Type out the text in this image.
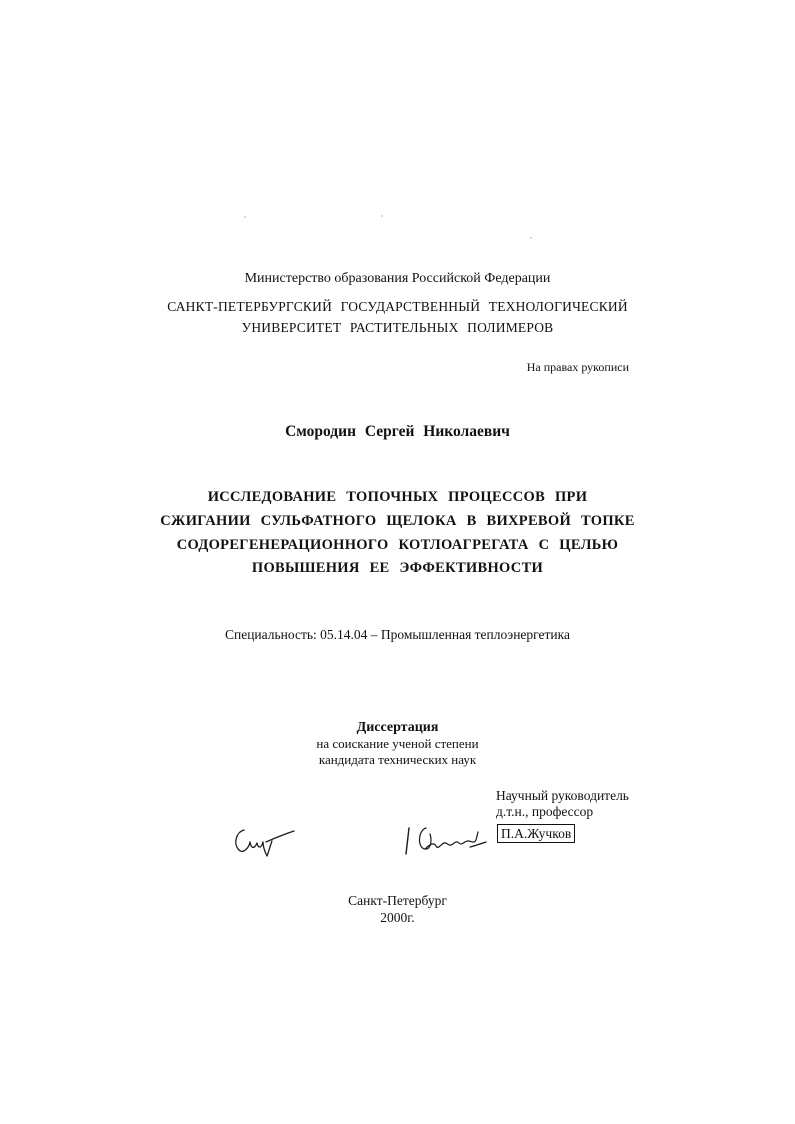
Министерство образования Российской Федерации
САНКТ-ПЕТЕРБУРГСКИЙ ГОСУДАРСТВЕННЫЙ ТЕХНОЛОГИЧЕСКИЙ
УНИВЕРСИТЕТ РАСТИТЕЛЬНЫХ ПОЛИМЕРОВ
На правах рукописи
Смородин Сергей Николаевич
ИССЛЕДОВАНИЕ ТОПОЧНЫХ ПРОЦЕССОВ ПРИ
СЖИГАНИИ СУЛЬФАТНОГО ЩЕЛОКА В ВИХРЕВОЙ ТОПКЕ
СОДОРЕГЕНЕРАЦИОННОГО КОТЛОАГРЕГАТА С ЦЕЛЬЮ
ПОВЫШЕНИЯ ЕЕ ЭФФЕКТИВНОСТИ
Специальность: 05.14.04 – Промышленная теплоэнергетика
Диссертация
на соискание ученой степени
кандидата технических наук
Научный руководитель
д.т.н., профессор
П.А.Жучков
Санкт-Петербург
2000г.
